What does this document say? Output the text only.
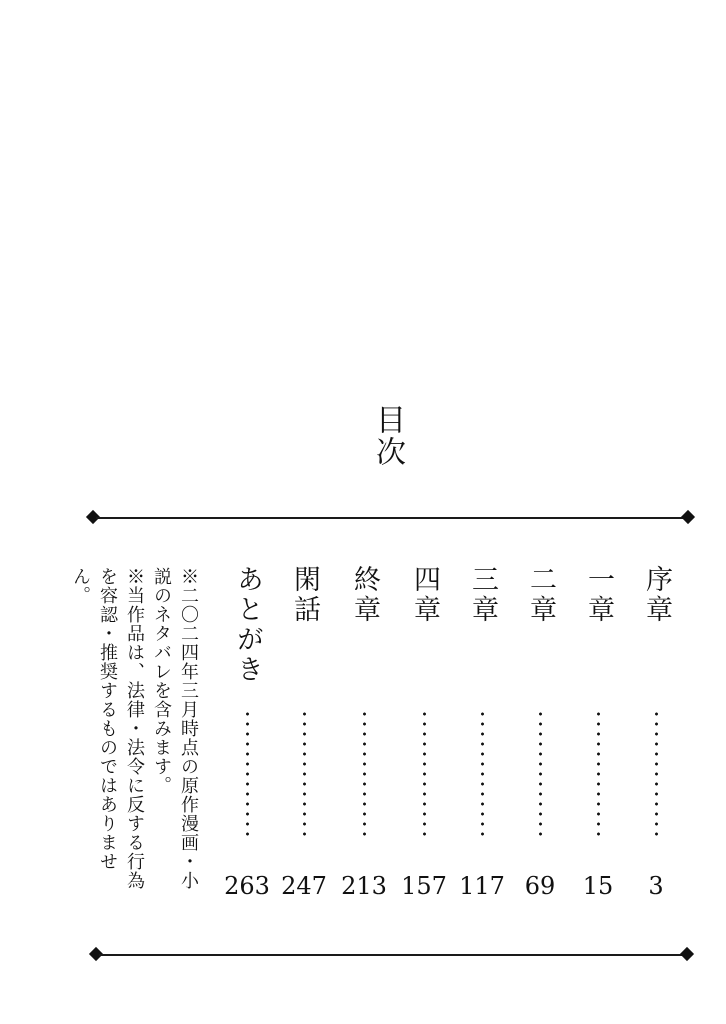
目次
序章
3
一章
15
二章
69
三章
117
四章
157
終章
213
閑話
247
あとがき
263
※二〇二四年三月時点の原作漫画・小説のネタバレを含みます。
※当作品は、法律・法令に反する行為を容認・推奨するものではありません。
